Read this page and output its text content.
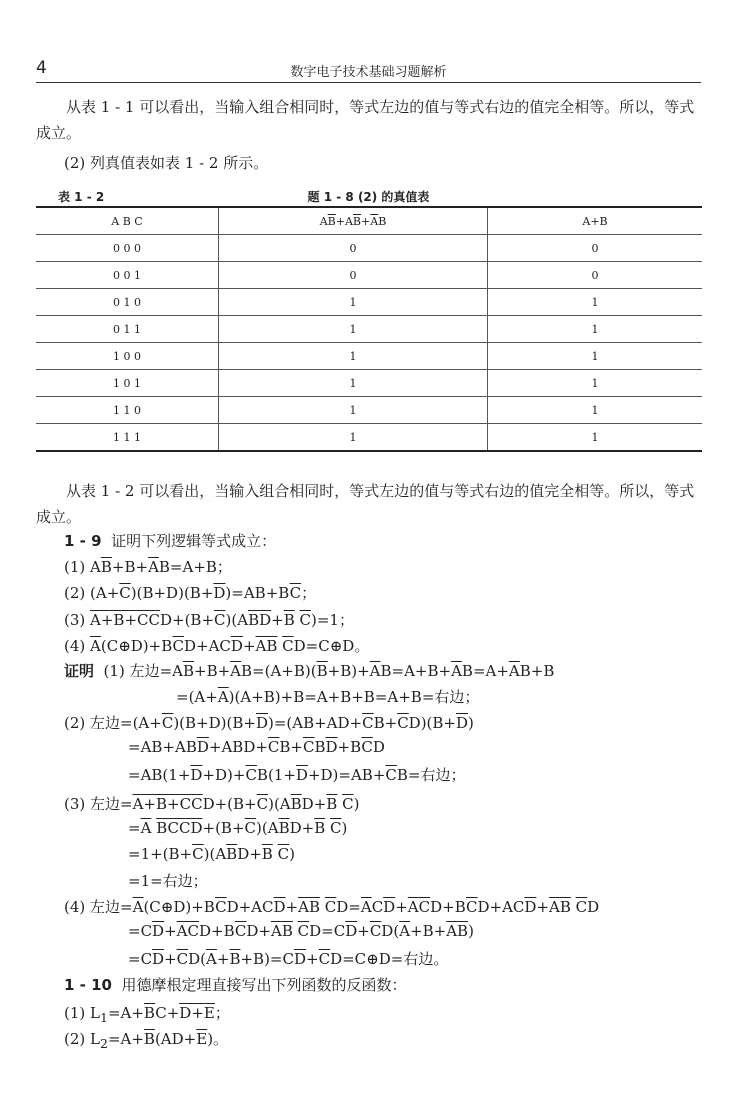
4	数字电子技术基础习题解析
从表 1 - 1 可以看出，当输入组合相同时，等式左边的值与等式右边的值完全相等。所以，等式成立。
(2) 列真值表如表 1 - 2 所示。
表 1 - 2	题 1 - 8 (2) 的真值表
A B C	$A\overline{B}+A\overline{B}+\overline{A}B$	A+B
0 0 0	0	0
0 0 1	0	0
0 1 0	1	1
0 1 1	1	1
1 0 0	1	1
1 0 1	1	1
1 1 0	1	1
1 1 1	1	1
从表 1 - 2 可以看出，当输入组合相同时，等式左边的值与等式右边的值完全相等。所以，等式成立。
1 - 9 证明下列逻辑等式成立：
(1) $A\overline{B}+B+\overline{A}B=A+B$；
(2) $(A+\overline{C})(B+D)(B+\overline{D})=AB+B\overline{C}$；
(3) $A+B+C\overline{C}D+(B+\overline{C})(A\overline{B}\overline{D}+\overline{B}$ $\overline{C})=1$；
(4) $\overline{A}(C\oplus D)+B\overline{C}D+AC\overline{D}+\overline{A}\overline{B}$ $\overline{C}D=C\oplus D$。
证明  (1) 左边$=A\overline{B}+B+\overline{A}B=(A+B)(\overline{B}+B)+\overline{A}B=A+B+\overline{A}B=A+\overline{A}B+B$
$=(A+\overline{A})(A+B)+B=A+B+B=A+B=$右边；
(2) 左边$=(A+\overline{C})(B+D)(B+\overline{D})=(AB+AD+\overline{C}B+\overline{C}D)(B+\overline{D})$
$=AB+AB\overline{D}+ABD+\overline{C}B+\overline{C}B\overline{D}+B\overline{C}D$
$=AB(1+\overline{D}+D)+\overline{C}B(1+\overline{D}+D)=AB+\overline{C}B=$右边；
(3) 左边$=A+B+C\overline{C}D+(B+\overline{C})(A\overline{B}D+\overline{B}$ $\overline{C}$)
$=\overline{A}$ $\overline{B}\overline{C}\overline{C}\overline{D}+(B+\overline{C})(A\overline{B}D+\overline{B}$ $\overline{C}$)
$=1+(B+\overline{C})(A\overline{B}D+\overline{B}$ $\overline{C}$)
=1=右边；
(4) 左边$=\overline{A}(C\oplus D)+B\overline{C}D+AC\overline{D}+\overline{A}\overline{B}$ $\overline{C}D=\overline{A}C\overline{D}+\overline{A}\overline{C}D+B\overline{C}D+AC\overline{D}+\overline{A}\overline{B}$ $\overline{C}D$
$=C\overline{D}+\overline{A}\overline{C}D+B\overline{C}D+\overline{A}\overline{B}$ $\overline{C}D=C\overline{D}+\overline{C}D(\overline{A}+B+\overline{A}\overline{B})$
$=C\overline{D}+\overline{C}D(\overline{A}+\overline{B}+B)=C\overline{D}+\overline{C}D=C\oplus D=$右边。
1 - 10 用德摩根定理直接写出下列函数的反函数：
(1) $L_1=A+\overline{B}C+D+E$；
(2) $L_2=A+\overline{B}(AD+\overline{E})$。
